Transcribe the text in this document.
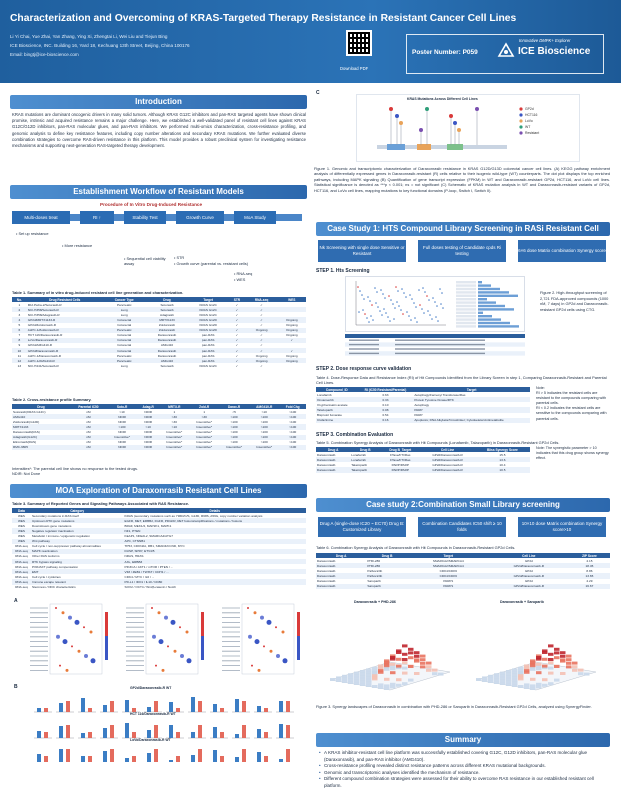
Characterization and Overcoming of KRAS-Targeted Therapy Resistance in Resistant Cancer Cell Lines
Li Yi Chai, Yue Zhai, Yan Zhang, Ying Xi, Zhengtai Li, Wei Liu and Tiejun Bing
ICE Bioscience, INC. Building 16, Yard 18, Kechuang 13th Street, Beijing, China 100176
Email: bingtj@ice-bioscience.com
Download PDF
Poster Number: P059
Innovative DMPK+ Explorer
ICE Bioscience
Introduction
KRAS mutations are dominant oncogenic drivers in many solid tumors. Although KRAS G12C inhibitors and pan-RAS targeted agents have shown clinical promise, intrinsic and acquired resistance remains a major challenge. Here, we established a well-validated panel of resistant cell lines against KRAS G12C/G12D inhibitors, pan-RAS molecular glues, and pan-RAS inhibitors. We performed multi-omics characterization, cross-resistance profiling, and genomic analysis to define key resistance features, including copy number alterations and secondary KRAS mutations. We further evaluated diverse combination strategies to overcome RAS-driven resistance in this platform. This model provides a robust preclinical system for investigating resistance mechanisms and supporting next-generation RAS-targeted therapy development.
Establishment Workflow of Resistant Models
Procedure of In Vitro Drug-Induced Resistance
Multi-doses treat	RI ↑	Stability Test	Growth Curve	MoA Study
• Set up resistance
• More resistance
• Sequential cell viability assay
• STR
• Growth curve (parental vs. resistant cells)
• RNA-seq
• WES
Table 1. Summary of in vitro drug-induced resistant cell line generation and characterization.
No.	Drug Resistant Cells	Cancer Type	Drug	Target	STR	RNA-seq	WES
1	MIA PaCa-2/Sotorasib-R	Pancreatic	Sotorasib	KRAS G12C	✓	✓	
2	NCI-H358/Sotorasib-R	Lung	Sotorasib	KRAS G12C	✓	✓	
3	NCI-H358/Adagrasib-R	Lung	Adagrasib	KRAS G12C	✓	✓	
4	GP2d/MRTX1133-R	Colorectal	MRTX1133	KRAS G12D	✓	✓	Ongoing
5	GP2d/Zoldonrasib-R	Colorectal	Zoldonrasib	KRAS G12D	✓	✓	Ongoing
6	AsPC-1/Zoldonrasib-R	Pancreatic	Zoldonrasib	KRAS G12D	✓	Ongoing	Ongoing
7	HCT 116/Daraxonrasib-R	Colorectal	Daraxonrasib	pan-RAS	✓	✓	Ongoing
8	LoVo/Daraxonrasib-R	Colorectal	Daraxonrasib	pan-RAS	✓	✓	✓
9	GP2d/AMG410-R	Colorectal	AMG410	pan-RAS	✓	✓	
10	GP2d/Daraxonrasib-R	Colorectal	Daraxonrasib	pan-RAS	✓	✓	✓
11	AsPC-1/Daraxonrasib-R	Pancreatic	Daraxonrasib	pan-RAS	✓	Ongoing	Ongoing
12	AsPC-1/AMG410-R	Pancreatic	AMG410	pan-RAS	✓	Ongoing	Ongoing
13	NCI-H441/Sotorasib-R	Lung	Sotorasib	KRAS G12C	✓	✓	
Table 2. Cross-resistance profile Summary.
Drug	Parental IC50	Soto-R	Adag-R	MRTX-R	Zold-R	Darax-R	AMG410-R	Fold Chg
Sotorasib(KRAS G12C)	nM	>10	NDIR	1	1	<5	>10	>100
AMG410	nM	NDIR	NDIR	>30	>30	>100	>100	>100
Zoldonrasib(G12D)	nM	NDIR	NDIR	>30	Insensitive*	>100	>100	>100
MRTX1133	nM	>100	>10	>10	Insensitive*	>100	>100	>100
Daraxonrasib(RAS)	nM	NDIR	NDIR	Insensitive*	Insensitive*	>100	>100	>100
Adagrasib(G12C)	nM	Insensitive*	NDIR	Insensitive*	Insensitive*	>100	>100	>100
Elironrasib(RAS)	nM	NDIR	NDIR	Insensitive*	Insensitive*	>100	>100	>100
RMC-9805	nM	NDIR	NDIR	Insensitive*	Insensitive*	Insensitive*	Insensitive*	>100
Intensities*: The parental cell line shows no response to the tested drugs.
NDIR: Not Done
MOA Exploration of Daraxonrasib Resistant Cell Lines
Table 3. Summary of Reported Genes and Signaling Pathways Associated with RAS Resistance.
Data	Category	Details
WES	Secondary mutations in RAS itself	KRAS (secondary mutations such as Y96D/C/S, G13D, R68S, A59G, copy number variation analysis
WES	Upstream RTK gene mutations	EGFR, MET, ERBB2, FGFR, PDGFR, RET fusions/amplifications / mutations / fusions
WES	Downstream gene mutations	BRAF, MEK1/2, MAP2K1, MAPK1
WES	Negative regulator inactivation	NF1, PTEN
WES	Metabolic / immune / epigenetic regulation	KEAP1, NFE2L2, SMARCA4/ATG7
WES	Wnt pathway	APC, CTNNB1
RNA-seq	Cell cycle / non-suppressor pathway abnormalities	TP53, CDKN2A, RB1, SMAD4/CCND, MYC
RNA-seq	MAPK reactivation	DUSP, SPRY, ETV4/5
RNA-seq	Other RAS isoforms	NRAS, HRAS
RNA-seq	RTK bypass signaling	AXL, ERBB3
RNA-seq	PI3K/AKT pathway compensation	PIK3CA / AKT1 / mTOR / PTEN / ...
RNA-seq	EMT	VIM / ZEB1 / TWIST / CDH1 / ...
RNA-seq	Cell cycle / cytokines	CDK4 / MYC / IL6 / ...
RNA-seq	Immune escape relevant	PD-L1 / IDO1 / IL10 / CD80
RNA-seq	Stemness / DDC characteristics	SOX2 / OCT4 / Wnt/β-catenin / Notch
A
B	GP2d/Daraxonrasib-R WT
HCT 116/Daraxonrasib-R WT
LoVo/Daraxonrasib-R WT
C
KRAS Mutations Across Different Cell Lines
GP2d
HCT116
LoVo
WT
Resistant
Figure 1. Genomic and transcriptomic characterization of Daraxonrasib resistance in KRAS G12D/G13D colorectal cancer cell lines. (A) KEGG pathway enrichment analysis of differentially expressed genes in Daraxonrasib-resistant (R) cells relative to their isogenic wild-type (WT) counterparts. The dot plot displays the top enriched pathways, including MAPK signaling (B) Quantification of gene transcript expression (FPKM) in WT and Daraxonrasib-resistant GP2d, HCT116, and LoVo cell lines. Statistical significance is denoted as ***p < 0.001; ns = not significant (C) Schematic of KRAS mutation analysis in WT and Daraxonrasib-resistant variants of GP2d, HCT116, and LoVo cell lines, mapping mutations to key functional domains (P-loop, Switch I, Switch II).
Case Study 1: HTS Compound Library Screening in RASi Resistant Cell
Nk Screening with single dose Sensitive or Resistant
Full doses testing of Candidate cpds Ri testing
6×6 dose Matrix combination Synergy score
STEP 1. Hts Screening
Figure 2. High-throughput screening of 2,721 FDA-approved compounds (1000 nM, 7 days) in GP2d and Daraxonrasib-resistant GP2d cells using CTG.
STEP 2. Dose response curve validation
Table 4. Dose-Response Data and Resistance Index (RI) of Hit Compounds Identified from the Library Screen in step 1, Comparing Daraxonrasib-Resistant and Parental Cell Lines.
Compound_ID	RI (IC50 Resistant/Parental)	Target
Lonafarnib	0.63	Autophagy/Farnesyl Transferase/Ras
Onvansertib	0.33	Protein Tyrosine Kinase/RTK
Oxyphenisatin acetate	0.10	Autophagy
Talazoparib	0.08	PARP
Bisprolol fumarate	0.54	PARP
Clofazimine	0.16	Apoptosis; DNA Alkylator/Crosslinker; Cytoskeletal Antimetabolite
Note:
RI > 5 indicates the resistant cells are resistant to the compounds comparing with parental cells.
RI < 0.2 indicates the resistant cells are sensitive to the compounds comparing with parental cells.
STEP 3. Combination Evaluation
Table 5. Combination Synergy Analysis of Daraxonrasib with Hit Compounds (Lonafarnib, Talazoparib) in Daraxonrasib-Resistant GP2d Cells.
Drug A	Drug B	Drug B_Target	Cell Line	Bliss Synergy Score
Daraxonrasib	Lonafarnib	FTase/FTI/Ras	GP2d/Daraxonrasib-R	15.5
Daraxonrasib	Lonafarnib	FTase/FTI/Ras	GP2d/Daraxonrasib-R	13.6
Daraxonrasib	Talazoparib	PARP/PARP	GP2d/Daraxonrasib-R	10.4
Daraxonrasib	Talazoparib	PARP/PARP	GP2d/Daraxonrasib-R	10.5
Note: The synergistic parameter > 10 indicates that this drug group shows synergy effect.
Case study 2:Combination Small Library screening
Drug A (single-dose IC20 ~ EC70) Drug B: Customized Library
Combination Candidates IC50 shift ≥ 10 folds
10×10 dose Matrix combination Synergy score>10
Table 6. Combination Synergy Analysis of Daraxonrasib with Hit Compounds in Daraxonrasib-Resistant GP2d Cells.
Drug A	Drug B	Target	Cell Line	ZIP Score
Daraxonrasib	PHD-286	SMARCA2/SMARCA4	GP2d	4.15
Daraxonrasib	PHD-286	SMARCA2/SMARCA4	GP2d/Daraxonrasib-R	18.45
Daraxonrasib	Palbociclib	CDK4/CDK6	GP2d	8.86
Daraxonrasib	Palbociclib	CDK4/CDK6	GP2d/Daraxonrasib-R	13.65
Daraxonrasib	Saruparib	PARP1	GP2d	4.29
Daraxonrasib	Saruparib	PARP1	GP2d/Daraxonrasib-R	16.67
Daraxonrasib + PHD-286	Daraxonrasib + Saruparib
Figure 3. Synergy landscapes of Daraxonrasib in combination with PHD-286 or Saruparib in Daraxonrasib-Resistant GP2d Cells, analyzed using SynergyFinder.
Summary
• A KRAS inhibitor-resistant cell line platform was successfully established covering G12C, G12D inhibitors, pan-RAS molecular glue (Daraxonrasib), and pan-RAS inhibitor (AMG410).
• Cross-resistance profiling revealed distinct resistance patterns across different KRAS mutational backgrounds.
• Genomic and transcriptomic analyses identified the mechanism of resistance.
• Different compound combination strategies were assessed for their ability to overcome RAS resistance in our established resistant cell platform.
